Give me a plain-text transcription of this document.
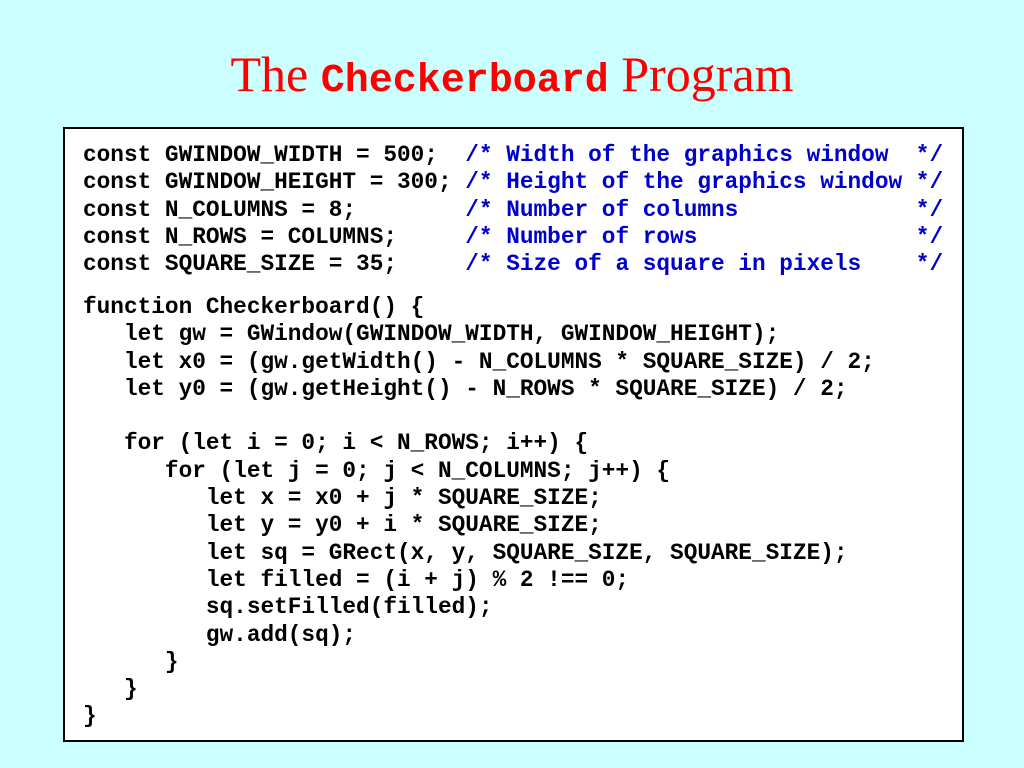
The Checkerboard Program
const GWINDOW_WIDTH = 500;  /* Width of the graphics window  */
const GWINDOW_HEIGHT = 300; /* Height of the graphics window */
const N_COLUMNS = 8;        /* Number of columns             */
const N_ROWS = COLUMNS;     /* Number of rows                */
const SQUARE_SIZE = 35;     /* Size of a square in pixels    */
function Checkerboard() {
let gw = GWindow(GWINDOW_WIDTH, GWINDOW_HEIGHT);
let x0 = (gw.getWidth() - N_COLUMNS * SQUARE_SIZE) / 2;
let y0 = (gw.getHeight() - N_ROWS * SQUARE_SIZE) / 2;

for (let i = 0; i < N_ROWS; i++) {
for (let j = 0; j < N_COLUMNS; j++) {
let x = x0 + j * SQUARE_SIZE;
let y = y0 + i * SQUARE_SIZE;
let sq = GRect(x, y, SQUARE_SIZE, SQUARE_SIZE);
let filled = (i + j) % 2 !== 0;
sq.setFilled(filled);
gw.add(sq);
}
}
}
